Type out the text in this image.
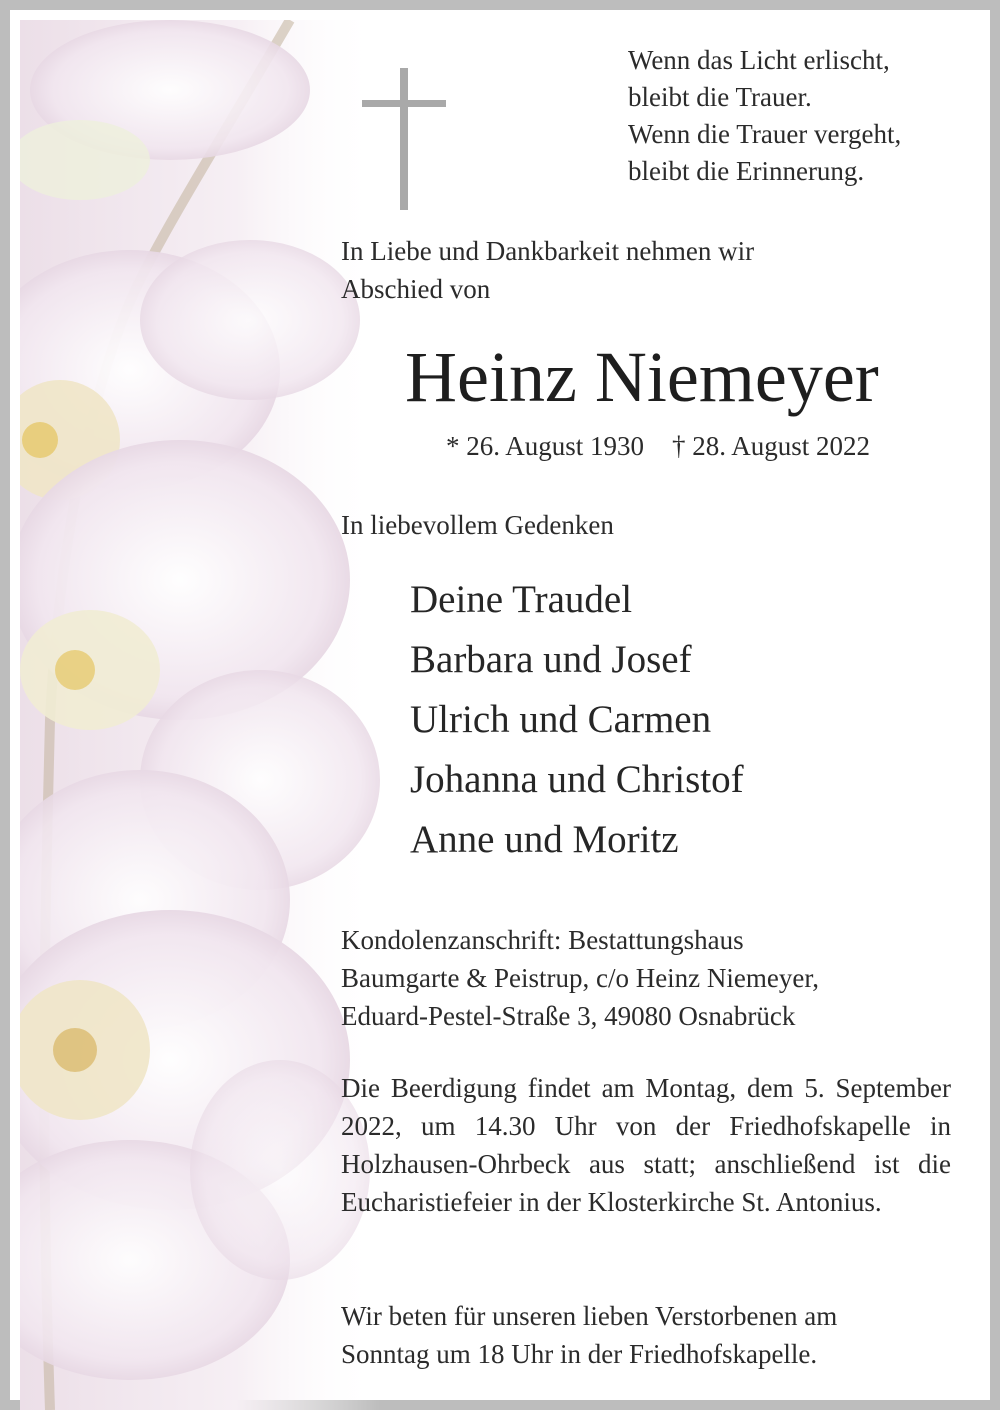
Wenn das Licht erlischt,
bleibt die Trauer.
Wenn die Trauer vergeht,
bleibt die Erinnerung.
In Liebe und Dankbarkeit nehmen wir
Abschied von
Heinz Niemeyer
* 26. August 1930 † 28. August 2022
In liebevollem Gedenken
Deine Traudel
Barbara und Josef
Ulrich und Carmen
Johanna und Christof
Anne und Moritz
Kondolenzanschrift: Bestattungshaus
Baumgarte & Peistrup, c/o Heinz Niemeyer,
Eduard-Pestel-Straße 3, 49080 Osnabrück
Die Beerdigung findet am Montag, dem 5. September 2022, um 14.30 Uhr von der Friedhofskapelle in Holzhausen-Ohrbeck aus statt; anschließend ist die Eucharistiefeier in der Klosterkirche St. Antonius.
Wir beten für unseren lieben Verstorbenen am
Sonntag um 18 Uhr in der Friedhofskapelle.
